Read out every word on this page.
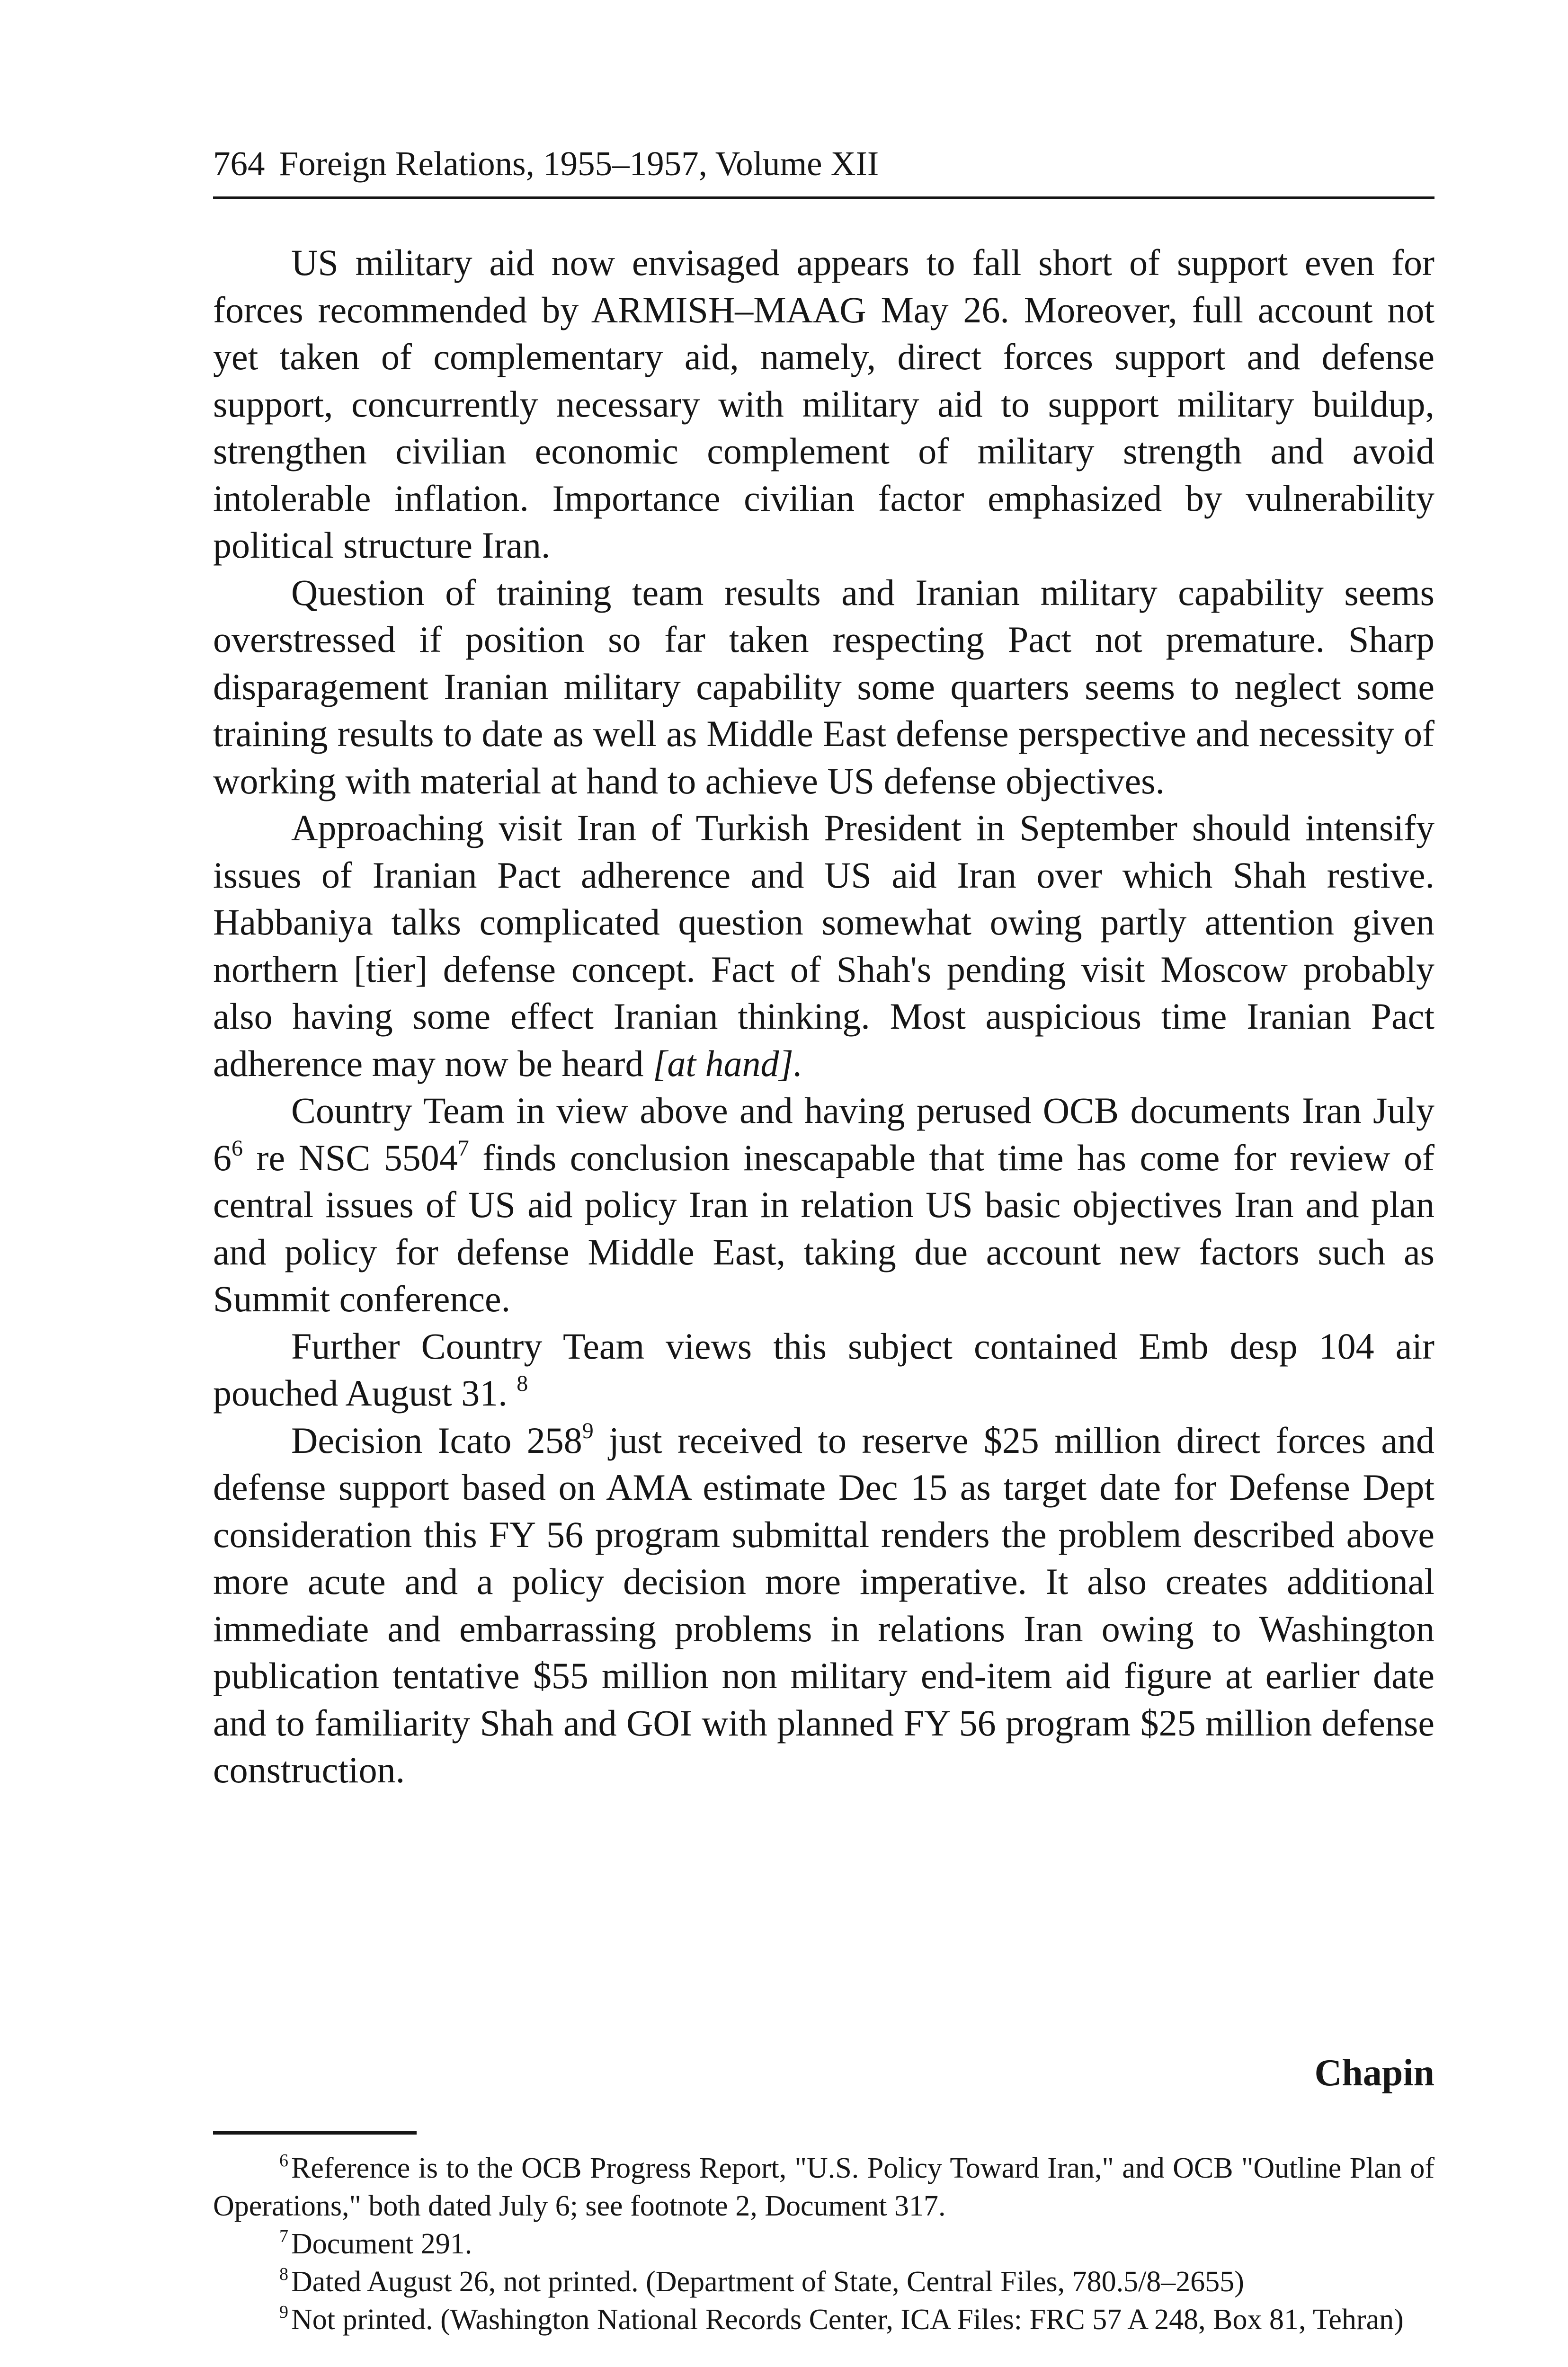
764 Foreign Relations, 1955–1957, Volume XII

US military aid now envisaged appears to fall short of support even for forces recommended by ARMISH–MAAG May 26. Moreover, full account not yet taken of complementary aid, namely, direct forces support and defense support, concurrently necessary with military aid to support military buildup, strengthen civilian economic complement of military strength and avoid intolerable inflation. Importance civilian factor emphasized by vulnerability political structure Iran.

Question of training team results and Iranian military capability seems overstressed if position so far taken respecting Pact not premature. Sharp disparagement Iranian military capability some quarters seems to neglect some training results to date as well as Middle East defense perspective and necessity of working with material at hand to achieve US defense objectives.

Approaching visit Iran of Turkish President in September should intensify issues of Iranian Pact adherence and US aid Iran over which Shah restive. Habbaniya talks complicated question somewhat owing partly attention given northern [tier] defense concept. Fact of Shah's pending visit Moscow probably also having some effect Iranian thinking. Most auspicious time Iranian Pact adherence may now be heard [at hand].

Country Team in view above and having perused OCB documents Iran July $6^6$ re NSC 5504$^7$ finds conclusion inescapable that time has come for review of central issues of US aid policy Iran in relation US basic objectives Iran and plan and policy for defense Middle East, taking due account new factors such as Summit conference.

Further Country Team views this subject contained Emb desp 104 air pouched August 31. $^8$

Decision Icato $258^9$ just received to reserve $25 million direct forces and defense support based on AMA estimate Dec 15 as target date for Defense Dept consideration this FY 56 program submittal renders the problem described above more acute and a policy decision more imperative. It also creates additional immediate and embarrassing problems in relations Iran owing to Washington publication tentative $55 million non military end-item aid figure at earlier date and to familiarity Shah and GOI with planned FY 56 program $25 million defense construction.

Chapin

$^6$Reference is to the OCB Progress Report, "U.S. Policy Toward Iran," and OCB "Outline Plan of Operations," both dated July 6; see footnote 2, Document 317.

$^7$Document 291.

$^8$Dated August 26, not printed. (Department of State, Central Files, 780.5/8–2655)

$^9$Not printed. (Washington National Records Center, ICA Files: FRC 57 A 248, Box 81, Tehran)
